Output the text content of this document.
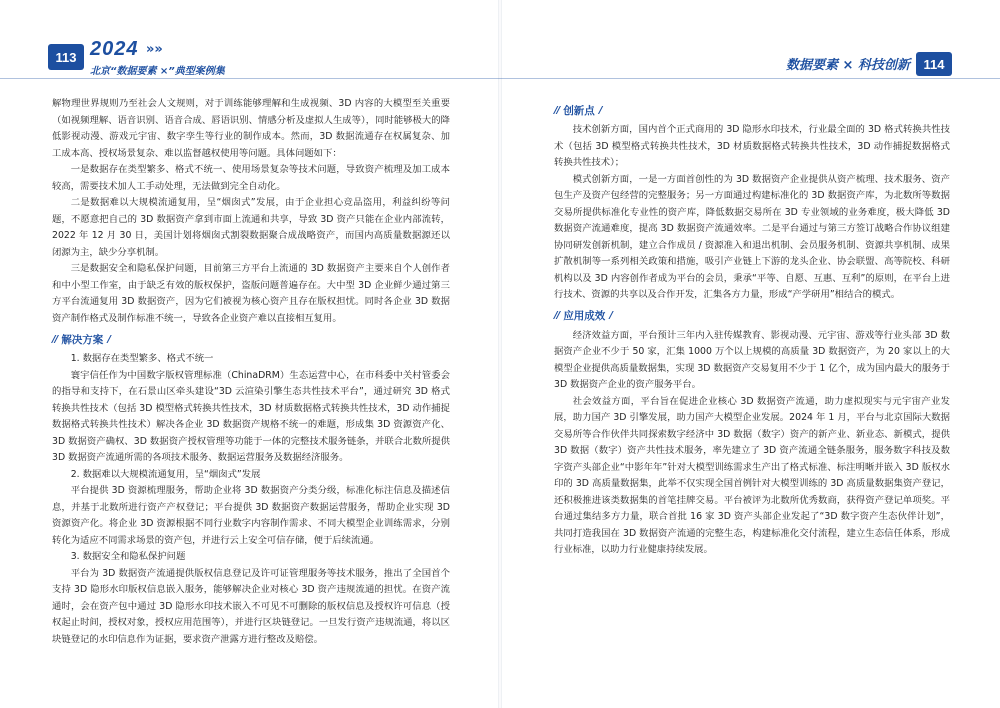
113 2024 »»
北京“数据要素 ×”典型案例集

解物理世界规则乃至社会人文规则，对于训练能够理解和生成视频、3D 内容的大模型至关重要（如视频理解、语音识别、语音合成、唇语识别、情感分析及虚拟人生成等），同时能够极大的降低影视动漫、游戏元宇宙、数字孪生等行业的制作成本。然而，3D 数据流通存在权属复杂、加工成本高、授权场景复杂、难以监督越权使用等问题。具体问题如下：

一是数据存在类型繁多、格式不统一、使用场景复杂等技术问题，导致资产梳理及加工成本较高，需要技术加人工手动处理，无法做到完全自动化。

二是数据难以大规模流通复用，呈“烟囱式”发展，由于企业担心竞品盗用，利益纠纷等问题，不愿意把自己的 3D 数据资产拿到市面上流通和共享，导致 3D 资产只能在企业内部流转，2022 年 12 月 30 日，美国计划将烟囱式割裂数据聚合成战略资产，而国内高质量数据源还以闭源为主，缺少分享机制。

三是数据安全和隐私保护问题，目前第三方平台上流通的 3D 数据资产主要来自个人创作者和中小型工作室，由于缺乏有效的版权保护，盗版问题普遍存在。大中型 3D 企业鲜少通过第三方平台流通复用 3D 数据资产，因为它们被视为核心资产且存在版权担忧。同时各企业 3D 数据资产制作格式及制作标准不统一，导致各企业资产难以直接相互复用。

// 解决方案 /

1. 数据存在类型繁多、格式不统一

寰宇信任作为中国数字版权管理标准（ChinaDRM）生态运营中心，在市科委中关村管委会的指导和支持下，在石景山区牵头建设“3D 云渲染引擎生态共性技术平台”，通过研究 3D 格式转换共性技术（包括 3D 模型格式转换共性技术，3D 材质数据格式转换共性技术，3D 动作捕捉数据格式转换共性技术）解决各企业 3D 数据资产规格不统一的难题，形成集 3D 资源资产化、3D 数据资产确权、3D 数据资产授权管理等功能于一体的完整技术服务链条，并联合北数所提供 3D 数据资产流通所需的各项技术服务、数据运营服务及数据经济服务。

2. 数据难以大规模流通复用，呈“烟囱式”发展

平台提供 3D 资源梳理服务，帮助企业将 3D 数据资产分类分级，标准化标注信息及描述信息，并基于北数所进行资产产权登记；平台提供 3D 数据资产数据运营服务，帮助企业实现 3D 资源资产化。将企业 3D 资源根据不同行业数字内容制作需求、不同大模型企业训练需求，分别转化为适应不同需求场景的资产包，并进行云上安全可信存储，便于后续流通。

3. 数据安全和隐私保护问题

平台为 3D 数据资产流通提供版权信息登记及许可证管理服务等技术服务，推出了全国首个支持 3D 隐形水印版权信息嵌入服务，能够解决企业对核心 3D 资产违规流通的担忧。在资产流通时，会在资产包中通过 3D 隐形水印技术嵌入不可见不可删除的版权信息及授权许可信息（授权起止时间，授权对象，授权应用范围等），并进行区块链登记。一旦发行资产违规流通，将以区块链登记的水印信息作为证据，要求资产泄露方进行整改及赔偿。

数据要素 × 科技创新	114
// 创新点 /

技术创新方面，国内首个正式商用的 3D 隐形水印技术，行业最全面的 3D 格式转换共性技术（包括 3D 模型格式转换共性技术，3D 材质数据格式转换共性技术，3D 动作捕捉数据格式转换共性技术）；

模式创新方面，一是一方面首创性的为 3D 数据资产企业提供从资产梳理、技术服务、资产包生产及资产包经营的完整服务；另一方面通过构建标准化的 3D 数据资产库，为北数所等数据交易所提供标准化专业性的资产库，降低数据交易所在 3D 专业领域的业务难度，极大降低 3D 数据资产流通难度，提高 3D 数据资产流通效率。二是平台通过与第三方签订战略合作协议组建协同研发创新机制，建立合作成员 / 资源准入和退出机制、会员服务机制、资源共享机制、成果扩散机制等一系列相关政策和措施，吸引产业链上下游的龙头企业、协会联盟、高等院校、科研机构以及 3D 内容创作者成为平台的会员，秉承“平等、自愿、互惠、互利”的原则，在平台上进行技术、资源的共享以及合作开发，汇集各方力量，形成“产学研用”相结合的模式。

// 应用成效 /

经济效益方面，平台预计三年内入驻传媒教育、影视动漫、元宇宙、游戏等行业头部 3D 数据资产企业不少于 50 家，汇集 1000 万个以上规模的高质量 3D 数据资产，为 20 家以上的大模型企业提供高质量数据集，实现 3D 数据资产交易复用不少于 1 亿个，成为国内最大的服务于 3D 数据资产企业的资产服务平台。

社会效益方面，平台旨在促进企业核心 3D 数据资产流通，助力虚拟现实与元宇宙产业发展，助力国产 3D 引擎发展，助力国产大模型企业发展。2024 年 1 月，平台与北京国际大数据交易所等合作伙伴共同探索数字经济中 3D 数据（数字）资产的新产业、新业态、新模式，提供 3D 数据（数字）资产共性技术服务，率先建立了 3D 资产流通全链条服务，服务数字科技及数字资产头部企业“中影年年”针对大模型训练需求生产出了格式标准、标注明晰并嵌入 3D 版权水印的 3D 高质量数据集，此举不仅实现全国首例针对大模型训练的 3D 高质量数据集资产登记，还积极推进该类数据集的首笔挂牌交易。平台被评为北数所优秀数商，获得资产登记单项奖。平台通过集结多方力量，联合首批 16 家 3D 资产头部企业发起了“3D 数字资产生态伙伴计划”，共同打造我国在 3D 数据资产流通的完整生态，构建标准化交付流程，建立生态信任体系，形成行业标准，以助力行业健康持续发展。
